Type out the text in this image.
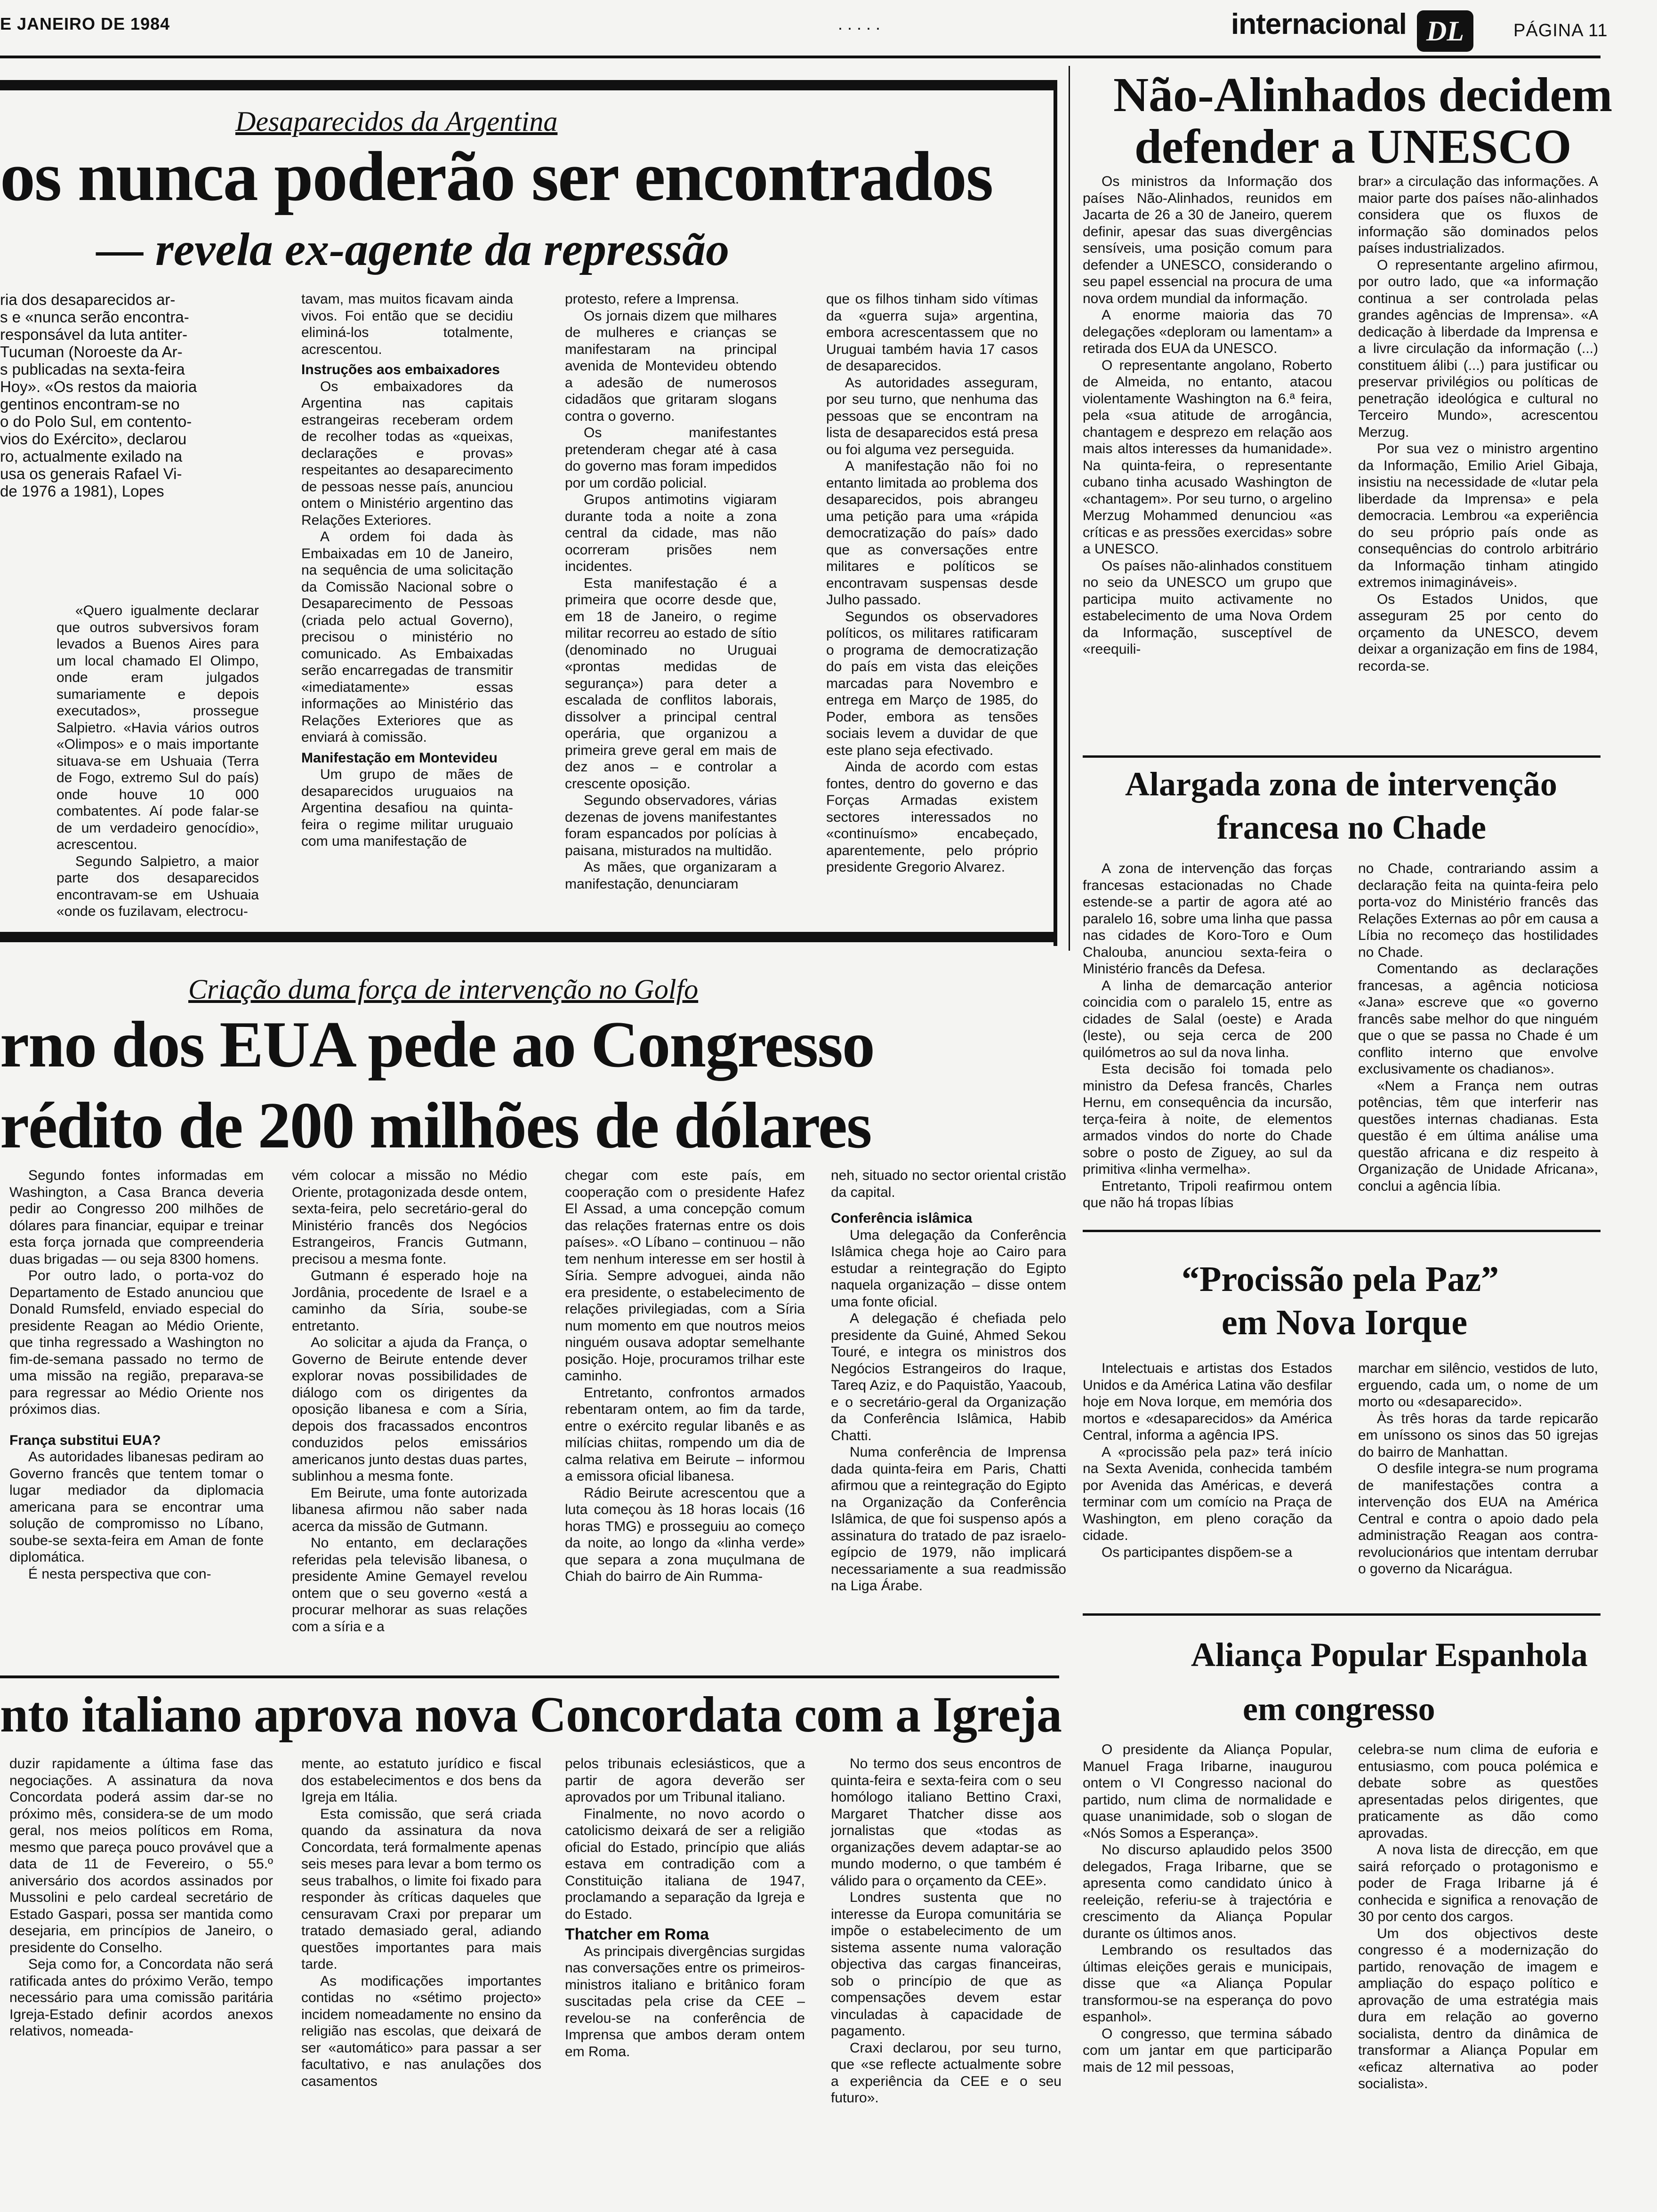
E JANEIRO DE 1984	. . . . .	internacional DL	PÁGINA 11
Desaparecidos da Argentina
os nunca poderão ser encontrados
— revela ex-agente da repressão

ria dos desaparecidos ar-

s e «nunca serão encontra-

responsável da luta antiter-

Tucuman (Noroeste da Ar-

s publicadas na sexta-feira

Hoy». «Os restos da maioria

gentinos encontram-se no

o do Polo Sul, em contento-

vios do Exército», declarou

ro, actualmente exilado na

usa os generais Rafael Vi-

de 1976 a 1981), Lopes

«Quero igualmente declarar que outros subversivos foram levados a Buenos Aires para um local chamado El Olimpo, onde eram julgados sumariamente e depois executados», prossegue Salpietro. «Havia vários outros «Olimpos» e o mais importante situava-se em Ushuaia (Terra de Fogo, extremo Sul do país) onde houve 10 000 combatentes. Aí pode falar-se de um verdadeiro genocídio», acrescentou.

Segundo Salpietro, a maior parte dos desaparecidos encontravam-se em Ushuaia «onde os fuzilavam, electrocu-

tavam, mas muitos ficavam ainda vivos. Foi então que se decidiu eliminá-los totalmente, acrescentou.

Instruções aos embaixadores

Os embaixadores da Argentina nas capitais estrangeiras receberam ordem de recolher todas as «queixas, declarações e provas» respeitantes ao desaparecimento de pessoas nesse país, anunciou ontem o Ministério argentino das Relações Exteriores.

A ordem foi dada às Embaixadas em 10 de Janeiro, na sequência de uma solicitação da Comissão Nacional sobre o Desaparecimento de Pessoas (criada pelo actual Governo), precisou o ministério no comunicado. As Embaixadas serão encarregadas de transmitir «imediatamente» essas informações ao Ministério das Relações Exteriores que as enviará à comissão.

Manifestação em Montevideu

Um grupo de mães de desaparecidos uruguaios na Argentina desafiou na quinta-feira o regime militar uruguaio com uma manifestação de

protesto, refere a Imprensa.

Os jornais dizem que milhares de mulheres e crianças se manifestaram na principal avenida de Montevideu obtendo a adesão de numerosos cidadãos que gritaram slogans contra o governo.

Os manifestantes pretenderam chegar até à casa do governo mas foram impedidos por um cordão policial.

Grupos antimotins vigiaram durante toda a noite a zona central da cidade, mas não ocorreram prisões nem incidentes.

Esta manifestação é a primeira que ocorre desde que, em 18 de Janeiro, o regime militar recorreu ao estado de sítio (denominado no Uruguai «prontas medidas de segurança») para deter a escalada de conflitos laborais, dissolver a principal central operária, que organizou a primeira greve geral em mais de dez anos – e controlar a crescente oposição.

Segundo observadores, várias dezenas de jovens manifestantes foram espancados por polícias à paisana, misturados na multidão.

As mães, que organizaram a manifestação, denunciaram

que os filhos tinham sido vítimas da «guerra suja» argentina, embora acrescentassem que no Uruguai também havia 17 casos de desaparecidos.

As autoridades asseguram, por seu turno, que nenhuma das pessoas que se encontram na lista de desaparecidos está presa ou foi alguma vez perseguida.

A manifestação não foi no entanto limitada ao problema dos desaparecidos, pois abrangeu uma petição para uma «rápida democratização do país» dado que as conversações entre militares e políticos se encontravam suspensas desde Julho passado.

Segundos os observadores políticos, os militares ratificaram o programa de democratização do país em vista das eleições marcadas para Novembro e entrega em Março de 1985, do Poder, embora as tensões sociais levem a duvidar de que este plano seja efectivado.

Ainda de acordo com estas fontes, dentro do governo e das Forças Armadas existem sectores interessados no «continuísmo» encabeçado, aparentemente, pelo próprio presidente Gregorio Alvarez.

Não-Alinhados decidem
defender a UNESCO

Os ministros da Informação dos países Não-Alinhados, reunidos em Jacarta de 26 a 30 de Janeiro, querem definir, apesar das suas divergências sensíveis, uma posição comum para defender a UNESCO, considerando o seu papel essencial na procura de uma nova ordem mundial da informação.

A enorme maioria das 70 delegações «deploram ou lamentam» a retirada dos EUA da UNESCO.

O representante angolano, Roberto de Almeida, no entanto, atacou violentamente Washington na 6.ª feira, pela «sua atitude de arrogância, chantagem e desprezo em relação aos mais altos interesses da humanidade». Na quinta-feira, o representante cubano tinha acusado Washington de «chantagem». Por seu turno, o argelino Merzug Mohammed denunciou «as críticas e as pressões exercidas» sobre a UNESCO.

Os países não-alinhados constituem no seio da UNESCO um grupo que participa muito activamente no estabelecimento de uma Nova Ordem da Informação, susceptível de «reequili-

brar» a circulação das informações. A maior parte dos países não-alinhados considera que os fluxos de informação são dominados pelos países industrializados.

O representante argelino afirmou, por outro lado, que «a informação continua a ser controlada pelas grandes agências de Imprensa». «A dedicação à liberdade da Imprensa e a livre circulação da informação (...) constituem álibi (...) para justificar ou preservar privilégios ou políticas de penetração ideológica e cultural no Terceiro Mundo», acrescentou Merzug.

Por sua vez o ministro argentino da Informação, Emilio Ariel Gibaja, insistiu na necessidade de «lutar pela liberdade da Imprensa» e pela democracia. Lembrou «a experiência do seu próprio país onde as consequências do controlo arbitrário da Informação tinham atingido extremos inimagináveis».

Os Estados Unidos, que asseguram 25 por cento do orçamento da UNESCO, devem deixar a organização em fins de 1984, recorda-se.

Alargada zona de intervenção
francesa no Chade

A zona de intervenção das forças francesas estacionadas no Chade estende-se a partir de agora até ao paralelo 16, sobre uma linha que passa nas cidades de Koro-Toro e Oum Chalouba, anunciou sexta-feira o Ministério francês da Defesa.

A linha de demarcação anterior coincidia com o paralelo 15, entre as cidades de Salal (oeste) e Arada (leste), ou seja cerca de 200 quilómetros ao sul da nova linha.

Esta decisão foi tomada pelo ministro da Defesa francês, Charles Hernu, em consequência da incursão, terça-feira à noite, de elementos armados vindos do norte do Chade sobre o posto de Ziguey, ao sul da primitiva «linha vermelha».

Entretanto, Tripoli reafirmou ontem que não há tropas líbias

no Chade, contrariando assim a declaração feita na quinta-feira pelo porta-voz do Ministério francês das Relações Externas ao pôr em causa a Líbia no recomeço das hostilidades no Chade.

Comentando as declarações francesas, a agência noticiosa «Jana» escreve que «o governo francês sabe melhor do que ninguém que o que se passa no Chade é um conflito interno que envolve exclusivamente os chadianos».

«Nem a França nem outras potências, têm que interferir nas questões internas chadianas. Esta questão é em última análise uma questão africana e diz respeito à Organização de Unidade Africana», conclui a agência líbia.

Criação duma força de intervenção no Golfo
rno dos EUA pede ao Congresso
rédito de 200 milhões de dólares

Segundo fontes informadas em Washington, a Casa Branca deveria pedir ao Congresso 200 milhões de dólares para financiar, equipar e treinar esta força jornada que compreenderia duas brigadas — ou seja 8300 homens.

Por outro lado, o porta-voz do Departamento de Estado anunciou que Donald Rumsfeld, enviado especial do presidente Reagan ao Médio Oriente, que tinha regressado a Washington no fim-de-semana passado no termo de uma missão na região, preparava-se para regressar ao Médio Oriente nos próximos dias.

França substitui EUA?

As autoridades libanesas pediram ao Governo francês que tentem tomar o lugar mediador da diplomacia americana para se encontrar uma solução de compromisso no Líbano, soube-se sexta-feira em Aman de fonte diplomática.

É nesta perspectiva que con-

vém colocar a missão no Médio Oriente, protagonizada desde ontem, sexta-feira, pelo secretário-geral do Ministério francês dos Negócios Estrangeiros, Francis Gutmann, precisou a mesma fonte.

Gutmann é esperado hoje na Jordânia, procedente de Israel e a caminho da Síria, soube-se entretanto.

Ao solicitar a ajuda da França, o Governo de Beirute entende dever explorar novas possibilidades de diálogo com os dirigentes da oposição libanesa e com a Síria, depois dos fracassados encontros conduzidos pelos emissários americanos junto destas duas partes, sublinhou a mesma fonte.

Em Beirute, uma fonte autorizada libanesa afirmou não saber nada acerca da missão de Gutmann.

No entanto, em declarações referidas pela televisão libanesa, o presidente Amine Gemayel revelou ontem que o seu governo «está a procurar melhorar as suas relações com a síria e a

chegar com este país, em cooperação com o presidente Hafez El Assad, a uma concepção comum das relações fraternas entre os dois países». «O Líbano – continuou – não tem nenhum interesse em ser hostil à Síria. Sempre advoguei, ainda não era presidente, o estabelecimento de relações privilegiadas, com a Síria num momento em que noutros meios ninguém ousava adoptar semelhante posição. Hoje, procuramos trilhar este caminho.

Entretanto, confrontos armados rebentaram ontem, ao fim da tarde, entre o exército regular libanês e as milícias chiitas, rompendo um dia de calma relativa em Beirute – informou a emissora oficial libanesa.

Rádio Beirute acrescentou que a luta começou às 18 horas locais (16 horas TMG) e prosseguiu ao começo da noite, ao longo da «linha verde» que separa a zona muçulmana de Chiah do bairro de Ain Rumma-

neh, situado no sector oriental cristão da capital.

Conferência islâmica

Uma delegação da Conferência Islâmica chega hoje ao Cairo para estudar a reintegração do Egipto naquela organização – disse ontem uma fonte oficial.

A delegação é chefiada pelo presidente da Guiné, Ahmed Sekou Touré, e integra os ministros dos Negócios Estrangeiros do Iraque, Tareq Aziz, e do Paquistão, Yaacoub, e o secretário-geral da Organização da Conferência Islâmica, Habib Chatti.

Numa conferência de Imprensa dada quinta-feira em Paris, Chatti afirmou que a reintegração do Egipto na Organização da Conferência Islâmica, de que foi suspenso após a assinatura do tratado de paz israelo-egípcio de 1979, não implicará necessariamente a sua readmissão na Liga Árabe.

“Procissão pela Paz”
em Nova Iorque

Intelectuais e artistas dos Estados Unidos e da América Latina vão desfilar hoje em Nova Iorque, em memória dos mortos e «desaparecidos» da América Central, informa a agência IPS.

A «procissão pela paz» terá início na Sexta Avenida, conhecida também por Avenida das Américas, e deverá terminar com um comício na Praça de Washington, em pleno coração da cidade.

Os participantes dispõem-se a

marchar em silêncio, vestidos de luto, erguendo, cada um, o nome de um morto ou «desaparecido».

Às três horas da tarde repicarão em uníssono os sinos das 50 igrejas do bairro de Manhattan.

O desfile integra-se num programa de manifestações contra a intervenção dos EUA na América Central e contra o apoio dado pela administração Reagan aos contra-revolucionários que intentam derrubar o governo da Nicarágua.

Aliança Popular Espanhola
em congresso

O presidente da Aliança Popular, Manuel Fraga Iribarne, inaugurou ontem o VI Congresso nacional do partido, num clima de normalidade e quase unanimidade, sob o slogan de «Nós Somos a Esperança».

No discurso aplaudido pelos 3500 delegados, Fraga Iribarne, que se apresenta como candidato único à reeleição, referiu-se à trajectória e crescimento da Aliança Popular durante os últimos anos.

Lembrando os resultados das últimas eleições gerais e municipais, disse que «a Aliança Popular transformou-se na esperança do povo espanhol».

O congresso, que termina sábado com um jantar em que participarão mais de 12 mil pessoas,

celebra-se num clima de euforia e entusiasmo, com pouca polémica e debate sobre as questões apresentadas pelos dirigentes, que praticamente as dão como aprovadas.

A nova lista de direcção, em que sairá reforçado o protagonismo e poder de Fraga Iribarne já é conhecida e significa a renovação de 30 por cento dos cargos.

Um dos objectivos deste congresso é a modernização do partido, renovação de imagem e ampliação do espaço político e aprovação de uma estratégia mais dura em relação ao governo socialista, dentro da dinâmica de transformar a Aliança Popular em «eficaz alternativa ao poder socialista».

nto italiano aprova nova Concordata com a Igreja

duzir rapidamente a última fase das negociações. A assinatura da nova Concordata poderá assim dar-se no próximo mês, considera-se de um modo geral, nos meios políticos em Roma, mesmo que pareça pouco provável que a data de 11 de Fevereiro, o 55.º aniversário dos acordos assinados por Mussolini e pelo cardeal secretário de Estado Gaspari, possa ser mantida como desejaria, em princípios de Janeiro, o presidente do Conselho.

Seja como for, a Concordata não será ratificada antes do próximo Verão, tempo necessário para uma comissão paritária Igreja-Estado definir acordos anexos relativos, nomeada-

mente, ao estatuto jurídico e fiscal dos estabelecimentos e dos bens da Igreja em Itália.

Esta comissão, que será criada quando da assinatura da nova Concordata, terá formalmente apenas seis meses para levar a bom termo os seus trabalhos, o limite foi fixado para responder às críticas daqueles que censuravam Craxi por preparar um tratado demasiado geral, adiando questões importantes para mais tarde.

As modificações importantes contidas no «sétimo projecto» incidem nomeadamente no ensino da religião nas escolas, que deixará de ser «automático» para passar a ser facultativo, e nas anulações dos casamentos

pelos tribunais eclesiásticos, que a partir de agora deverão ser aprovados por um Tribunal italiano.

Finalmente, no novo acordo o catolicismo deixará de ser a religião oficial do Estado, princípio que aliás estava em contradição com a Constituição italiana de 1947, proclamando a separação da Igreja e do Estado.

Thatcher em Roma

As principais divergências surgidas nas conversações entre os primeiros-ministros italiano e britânico foram suscitadas pela crise da CEE – revelou-se na conferência de Imprensa que ambos deram ontem em Roma.

No termo dos seus encontros de quinta-feira e sexta-feira com o seu homólogo italiano Bettino Craxi, Margaret Thatcher disse aos jornalistas que «todas as organizações devem adaptar-se ao mundo moderno, o que também é válido para o orçamento da CEE».

Londres sustenta que no interesse da Europa comunitária se impõe o estabelecimento de um sistema assente numa valoração objectiva das cargas financeiras, sob o princípio de que as compensações devem estar vinculadas à capacidade de pagamento.

Craxi declarou, por seu turno, que «se reflecte actualmente sobre a experiência da CEE e o seu futuro».
